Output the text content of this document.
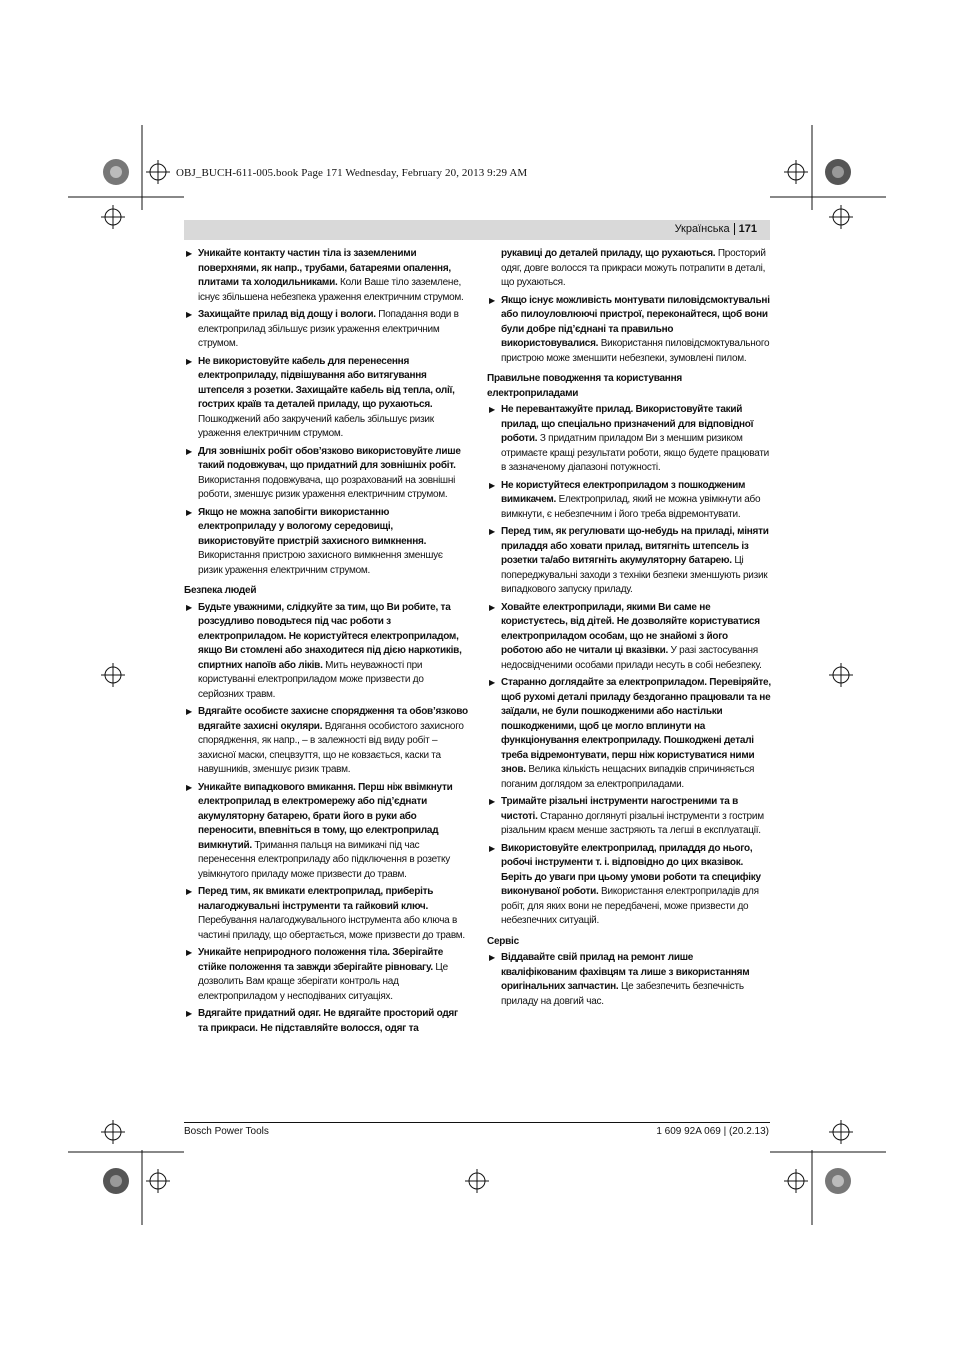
OBJ_BUCH-611-005.book Page 171 Wednesday, February 20, 2013 9:29 AM
Українська 171
▶ Уникайте контакту частин тіла із заземленими поверхнями, як напр., трубами, батареями опалення, плитами та холодильниками. Коли Ваше тіло заземлене, існує збільшена небезпека ураження електричним струмом.
▶ Захищайте прилад від дощу і вологи. Попадання води в електроприлад збільшує ризик ураження електричним струмом.
▶ Не використовуйте кабель для перенесення електроприладу, підвішування або витягування штепселя з розетки. Захищайте кабель від тепла, олії, гострих країв та деталей приладу, що рухаються. Пошкоджений або закручений кабель збільшує ризик ураження електричним струмом.
▶ Для зовнішніх робіт обов’язково використовуйте лише такий подовжувач, що придатний для зовнішніх робіт. Використання подовжувача, що розрахований на зовнішні роботи, зменшує ризик ураження електричним струмом.
▶ Якщо не можна запобігти використанню електроприладу у вологому середовищі, використовуйте пристрій захисного вимкнення. Використання пристрою захисного вимкнення зменшує ризик ураження електричним струмом.
Безпека людей
▶ Будьте уважними, слідкуйте за тим, що Ви робите, та розсудливо поводьтеся під час роботи з електроприладом. Не користуйтеся електроприладом, якщо Ви стомлені або знаходитеся під дією наркотиків, спиртних напоїв або ліків. Мить неуважності при користуванні електроприладом може призвести до серйозних травм.
▶ Вдягайте особисте захисне спорядження та обов’язково вдягайте захисні окуляри. Вдягання особистого захисного спорядження, як напр., – в залежності від виду робіт – захисної маски, спецвзуття, що не ковзається, каски та навушників, зменшує ризик травм.
▶ Уникайте випадкового вмикання. Перш ніж ввімкнути електроприлад в електромережу або під’єднати акумуляторну батарею, брати його в руки або переносити, впевніться в тому, що електроприлад вимкнутий. Тримання пальця на вимикачі під час перенесення електроприладу або підключення в розетку увімкнутого приладу може призвести до травм.
▶ Перед тим, як вмикати електроприлад, приберіть налагоджувальні інструменти та гайковий ключ. Перебування налагоджувального інструмента або ключа в частині приладу, що обертається, може призвести до травм.
▶ Уникайте неприродного положення тіла. Зберігайте стійке положення та завжди зберігайте рівновагу. Це дозволить Вам краще зберігати контроль над електроприладом у несподіваних ситуаціях.
▶ Вдягайте придатний одяг. Не вдягайте просторий одяг та прикраси. Не підставляйте волосся, одяг та
рукавиці до деталей приладу, що рухаються. Просторий одяг, довге волосся та прикраси можуть потрапити в деталі, що рухаються.
▶ Якщо існує можливість монтувати пиловідсмоктувальні або пилоуловлюючі пристрої, переконайтеся, щоб вони були добре під’єднані та правильно використовувалися. Використання пиловідсмоктувального пристрою може зменшити небезпеки, зумовлені пилом.
Правильне поводження та користування електроприладами
▶ Не перевантажуйте прилад. Використовуйте такий прилад, що спеціально призначений для відповідної роботи. З придатним приладом Ви з меншим ризиком отримаєте кращі результати роботи, якщо будете працювати в зазначеному діапазоні потужності.
▶ Не користуйтеся електроприладом з пошкодженим вимикачем. Електроприлад, який не можна увімкнути або вимкнути, є небезпечним і його треба відремонтувати.
▶ Перед тим, як регулювати що-небудь на приладі, міняти приладдя або ховати прилад, витягніть штепсель із розетки та/або витягніть акумуляторну батарею. Ці попереджувальні заходи з техніки безпеки зменшують ризик випадкового запуску приладу.
▶ Ховайте електроприлади, якими Ви саме не користуєтесь, від дітей. Не дозволяйте користуватися електроприладом особам, що не знайомі з його роботою або не читали ці вказівки. У разі застосування недосвідченими особами прилади несуть в собі небезпеку.
▶ Старанно доглядайте за електроприладом. Перевіряйте, щоб рухомі деталі приладу бездоганно працювали та не заїдали, не були пошкодженими або настільки пошкодженими, щоб це могло вплинути на функціонування електроприладу. Пошкоджені деталі треба відремонтувати, перш ніж користуватися ними знов. Велика кількість нещасних випадків спричиняється поганим доглядом за електроприладами.
▶ Тримайте різальні інструменти нагостреними та в чистоті. Старанно доглянуті різальні інструменти з гострим різальним краєм менше застряють та легші в експлуатації.
▶ Використовуйте електроприлад, приладдя до нього, робочі інструменти т. і. відповідно до цих вказівок. Беріть до уваги при цьому умови роботи та специфіку виконуваної роботи. Використання електроприладів для робіт, для яких вони не передбачені, може призвести до небезпечних ситуацій.
Сервіс
▶ Віддавайте свій прилад на ремонт лише кваліфікованим фахівцям та лише з використанням оригінальних запчастин. Це забезпечить безпечність приладу на довгий час.
Bosch Power Tools	1 609 92A 069 | (20.2.13)
